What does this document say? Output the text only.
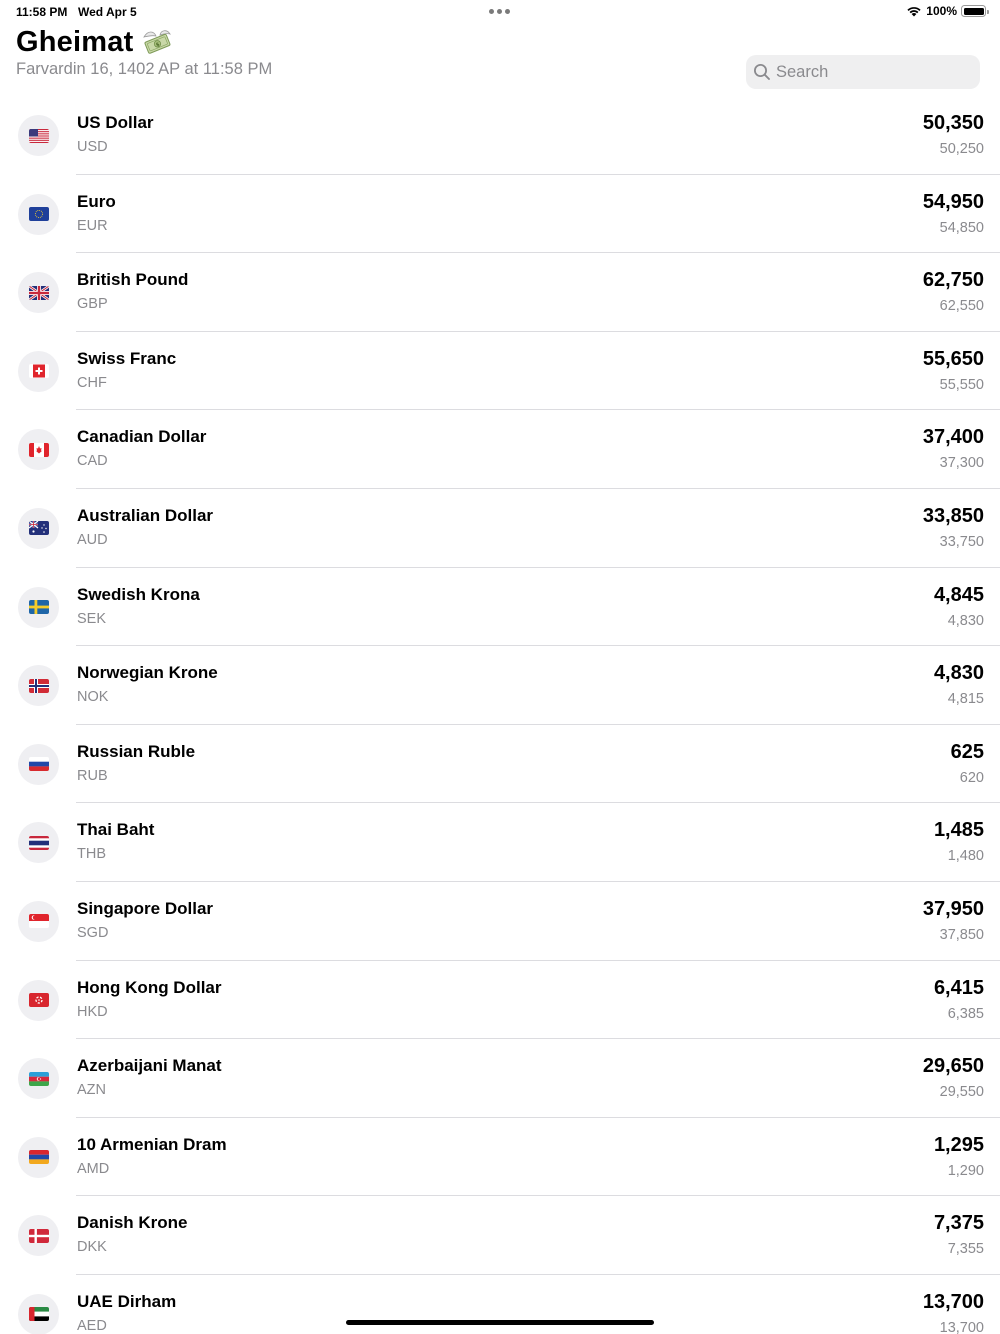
11:58 PM Wed Apr 5	100%
Gheimat	$
Farvardin 16, 1402 AP at 11:58 PM
Search
US Dollar
USD
50,350
50,250
Euro
EUR
54,950
54,850
British Pound
GBP
62,750
62,550
Swiss Franc
CHF
55,650
55,550
Canadian Dollar
CAD
37,400
37,300
Australian Dollar
AUD
33,850
33,750
Swedish Krona
SEK
4,845
4,830
Norwegian Krone
NOK
4,830
4,815
Russian Ruble
RUB
625
620
Thai Baht
THB
1,485
1,480
Singapore Dollar
SGD
37,950
37,850
Hong Kong Dollar
HKD
6,415
6,385
Azerbaijani Manat
AZN
29,650
29,550
10 Armenian Dram
AMD
1,295
1,290
Danish Krone
DKK
7,375
7,355
UAE Dirham
AED
13,700
13,700
